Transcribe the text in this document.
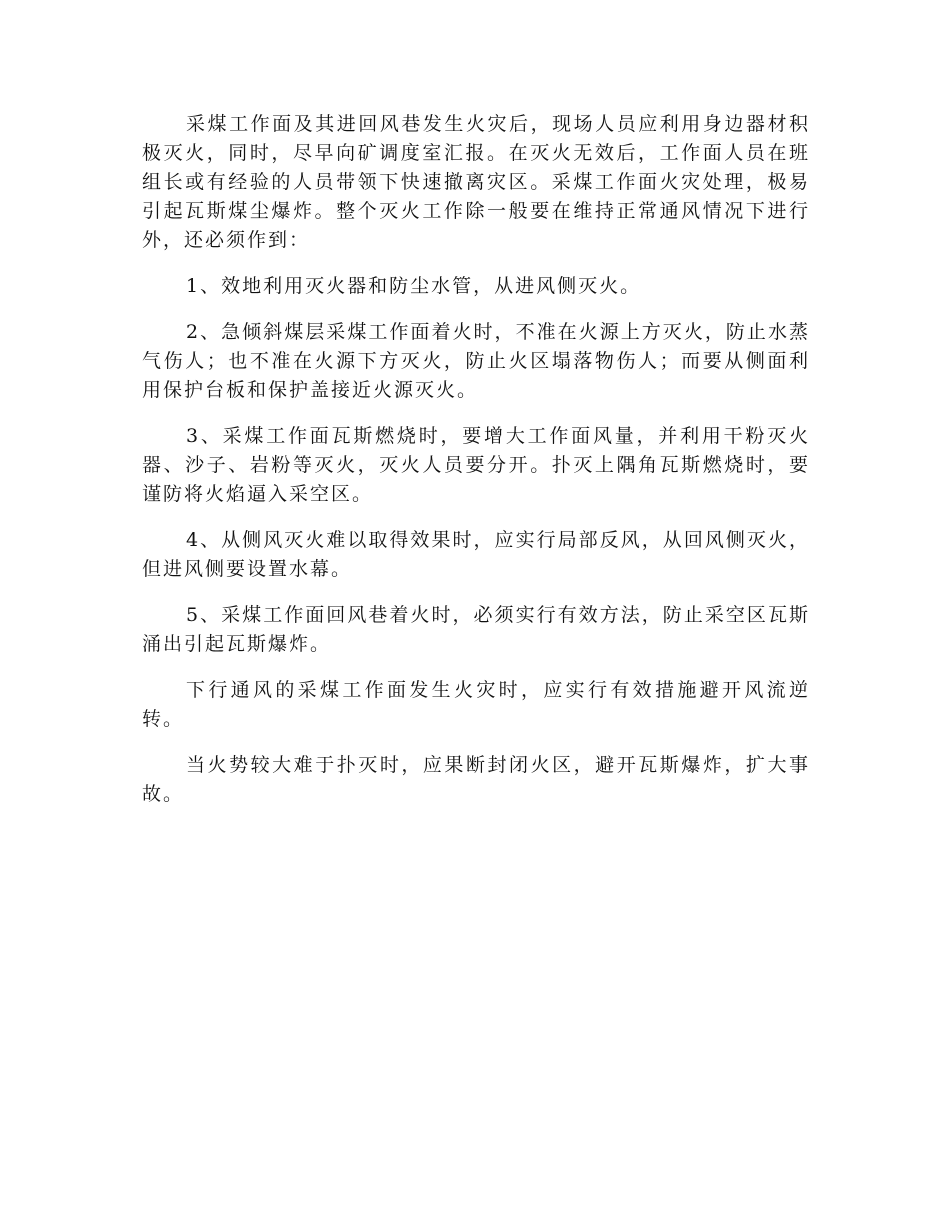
采煤工作面及其进回风巷发生火灾后，现场人员应利用身边器材积极灭火，同时，尽早向矿调度室汇报。在灭火无效后，工作面人员在班组长或有经验的人员带领下快速撤离灾区。采煤工作面火灾处理，极易引起瓦斯煤尘爆炸。整个灭火工作除一般要在维持正常通风情况下进行外，还必须作到：

1、效地利用灭火器和防尘水管，从进风侧灭火。

2、急倾斜煤层采煤工作面着火时，不准在火源上方灭火，防止水蒸气伤人；也不准在火源下方灭火，防止火区塌落物伤人；而要从侧面利用保护台板和保护盖接近火源灭火。

3、采煤工作面瓦斯燃烧时，要增大工作面风量，并利用干粉灭火器、沙子、岩粉等灭火，灭火人员要分开。扑灭上隅角瓦斯燃烧时，要谨防将火焰逼入采空区。

4、从侧风灭火难以取得效果时，应实行局部反风，从回风侧灭火，但进风侧要设置水幕。

5、采煤工作面回风巷着火时，必须实行有效方法，防止采空区瓦斯涌出引起瓦斯爆炸。

下行通风的采煤工作面发生火灾时，应实行有效措施避开风流逆转。

当火势较大难于扑灭时，应果断封闭火区，避开瓦斯爆炸，扩大事故。
